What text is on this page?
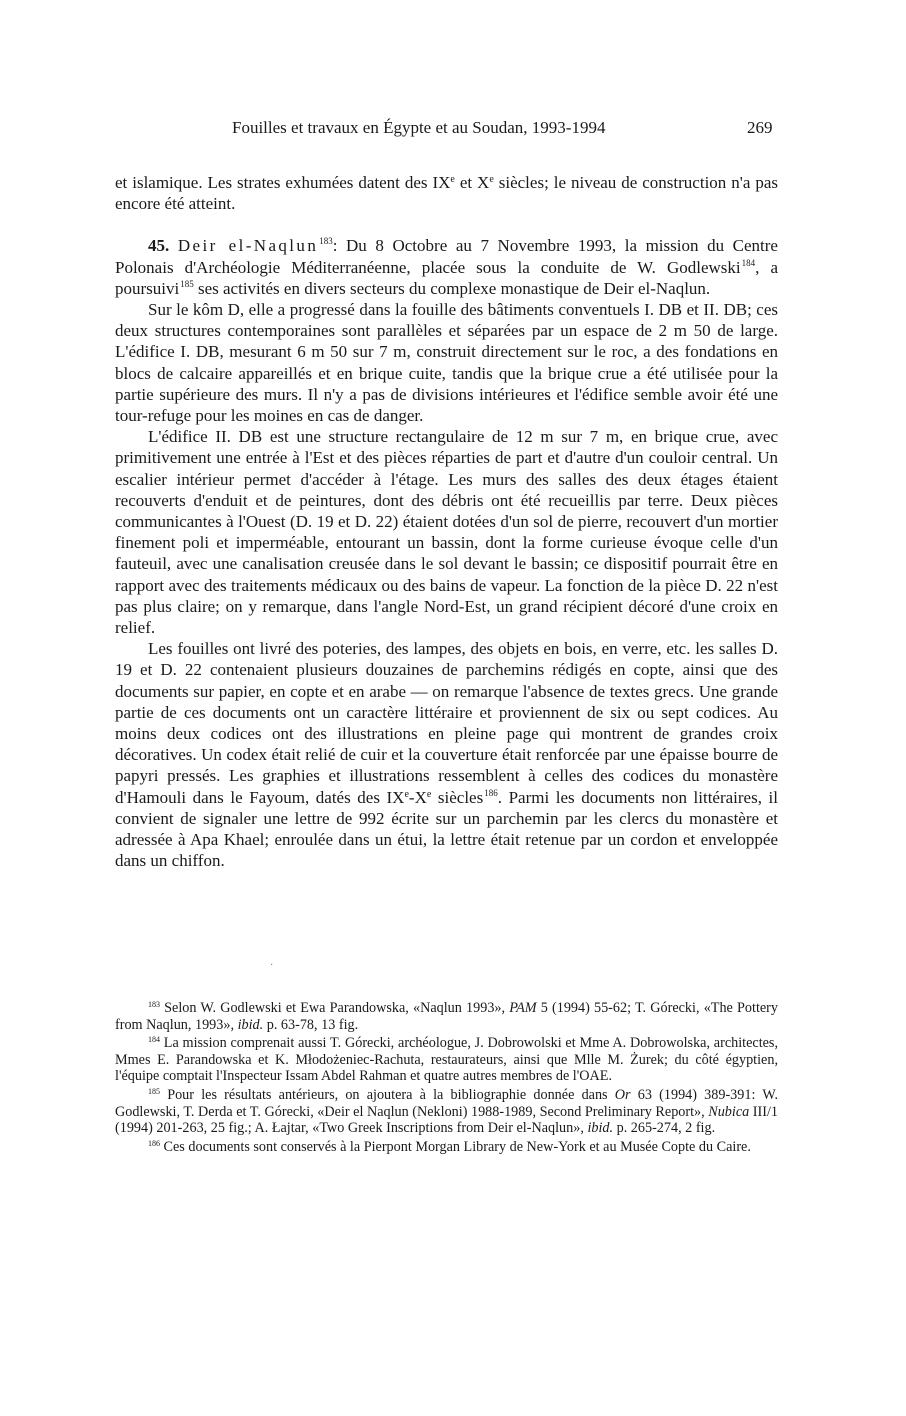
Fouilles et travaux en Égypte et au Soudan, 1993-1994	269

et islamique. Les strates exhumées datent des IXe et Xe siècles; le niveau de construction n'a pas encore été atteint.

45. Deir el-Naqlun$^{183}$: Du 8 Octobre au 7 Novembre 1993, la mission du Centre Polonais d'Archéologie Méditerranéenne, placée sous la conduite de W. Godlewski$^{184}$, a poursuivi$^{185}$ ses activités en divers secteurs du complexe monastique de Deir el-Naqlun.

Sur le kôm D, elle a progressé dans la fouille des bâtiments conventuels I. DB et II. DB; ces deux structures contemporaines sont parallèles et séparées par un espace de 2 m 50 de large. L'édifice I. DB, mesurant 6 m 50 sur 7 m, construit directement sur le roc, a des fondations en blocs de calcaire appareillés et en brique cuite, tandis que la brique crue a été utilisée pour la partie supérieure des murs. Il n'y a pas de divisions intérieures et l'édifice semble avoir été une tour-refuge pour les moines en cas de danger.

L'édifice II. DB est une structure rectangulaire de 12 m sur 7 m, en brique crue, avec primitivement une entrée à l'Est et des pièces réparties de part et d'autre d'un couloir central. Un escalier intérieur permet d'accéder à l'étage. Les murs des salles des deux étages étaient recouverts d'enduit et de peintures, dont des débris ont été recueillis par terre. Deux pièces communicantes à l'Ouest (D. 19 et D. 22) étaient dotées d'un sol de pierre, recouvert d'un mortier finement poli et imperméable, entourant un bassin, dont la forme curieuse évoque celle d'un fauteuil, avec une canalisation creusée dans le sol devant le bassin; ce dispositif pourrait être en rapport avec des traitements médicaux ou des bains de vapeur. La fonction de la pièce D. 22 n'est pas plus claire; on y remarque, dans l'angle Nord-Est, un grand récipient décoré d'une croix en relief.

Les fouilles ont livré des poteries, des lampes, des objets en bois, en verre, etc. les salles D. 19 et D. 22 contenaient plusieurs douzaines de parchemins rédigés en copte, ainsi que des documents sur papier, en copte et en arabe — on remarque l'absence de textes grecs. Une grande partie de ces documents ont un caractère littéraire et proviennent de six ou sept codices. Au moins deux codices ont des illustrations en pleine page qui montrent de grandes croix décoratives. Un codex était relié de cuir et la couverture était renforcée par une épaisse bourre de papyri pressés. Les graphies et illustrations ressemblent à celles des codices du monastère d'Hamouli dans le Fayoum, datés des IXe-Xe siècles$^{186}$. Parmi les documents non littéraires, il convient de signaler une lettre de 992 écrite sur un parchemin par les clercs du monastère et adressée à Apa Khael; enroulée dans un étui, la lettre était retenue par un cordon et enveloppée dans un chiffon.

·

$^{183}$ Selon W. Godlewski et Ewa Parandowska, «Naqlun 1993», PAM 5 (1994) 55-62; T. Górecki, «The Pottery from Naqlun, 1993», ibid. p. 63-78, 13 fig.

$^{184}$ La mission comprenait aussi T. Górecki, archéologue, J. Dobrowolski et Mme A. Dobrowolska, architectes, Mmes E. Parandowska et K. Młodożeniec-Rachuta, restaurateurs, ainsi que Mlle M. Żurek; du côté égyptien, l'équipe comptait l'Inspecteur Issam Abdel Rahman et quatre autres membres de l'OAE.

$^{185}$ Pour les résultats antérieurs, on ajoutera à la bibliographie donnée dans Or 63 (1994) 389-391: W. Godlewski, T. Derda et T. Górecki, «Deir el Naqlun (Nekloni) 1988-1989, Second Preliminary Report», Nubica III/1 (1994) 201-263, 25 fig.; A. Łajtar, «Two Greek Inscriptions from Deir el-Naqlun», ibid. p. 265-274, 2 fig.

$^{186}$ Ces documents sont conservés à la Pierpont Morgan Library de New-York et au Musée Copte du Caire.
